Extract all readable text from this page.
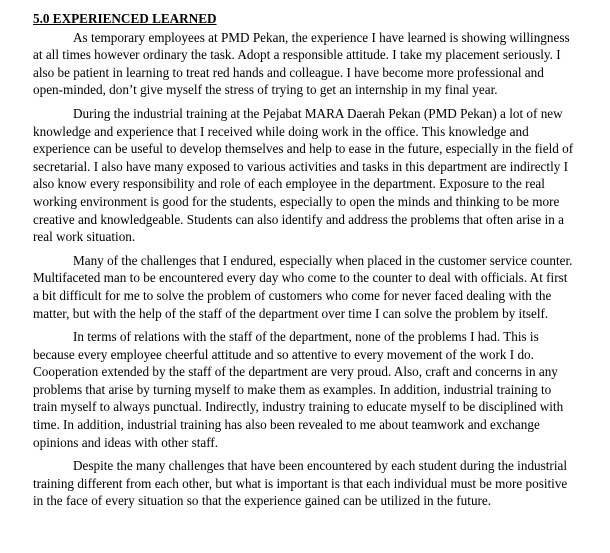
5.0 EXPERIENCED LEARNED

As temporary employees at PMD Pekan, the experience I have learned is showing willingness at all times however ordinary the task. Adopt a responsible attitude. I take my placement seriously. I also be patient in learning to treat red hands and colleague. I have become more professional and open-minded, don’t give myself the stress of trying to get an internship in my final year.

During the industrial training at the Pejabat MARA Daerah Pekan (PMD Pekan) a lot of new knowledge and experience that I received while doing work in the office. This knowledge and experience can be useful to develop themselves and help to ease in the future, especially in the field of secretarial. I also have many exposed to various activities and tasks in this department are indirectly I also know every responsibility and role of each employee in the department. Exposure to the real working environment is good for the students, especially to open the minds and thinking to be more creative and knowledgeable. Students can also identify and address the problems that often arise in a real work situation.

Many of the challenges that I endured, especially when placed in the customer service counter. Multifaceted man to be encountered every day who come to the counter to deal with officials. At first a bit difficult for me to solve the problem of customers who come for never faced dealing with the matter, but with the help of the staff of the department over time I can solve the problem by itself.

In terms of relations with the staff of the department, none of the problems I had. This is because every employee cheerful attitude and so attentive to every movement of the work I do. Cooperation extended by the staff of the department are very proud. Also, craft and concerns in any problems that arise by turning myself to make them as examples. In addition, industrial training to train myself to always punctual. Indirectly, industry training to educate myself to be disciplined with time. In addition, industrial training has also been revealed to me about teamwork and exchange opinions and ideas with other staff.

Despite the many challenges that have been encountered by each student during the industrial training different from each other, but what is important is that each individual must be more positive in the face of every situation so that the experience gained can be utilized in the future.
